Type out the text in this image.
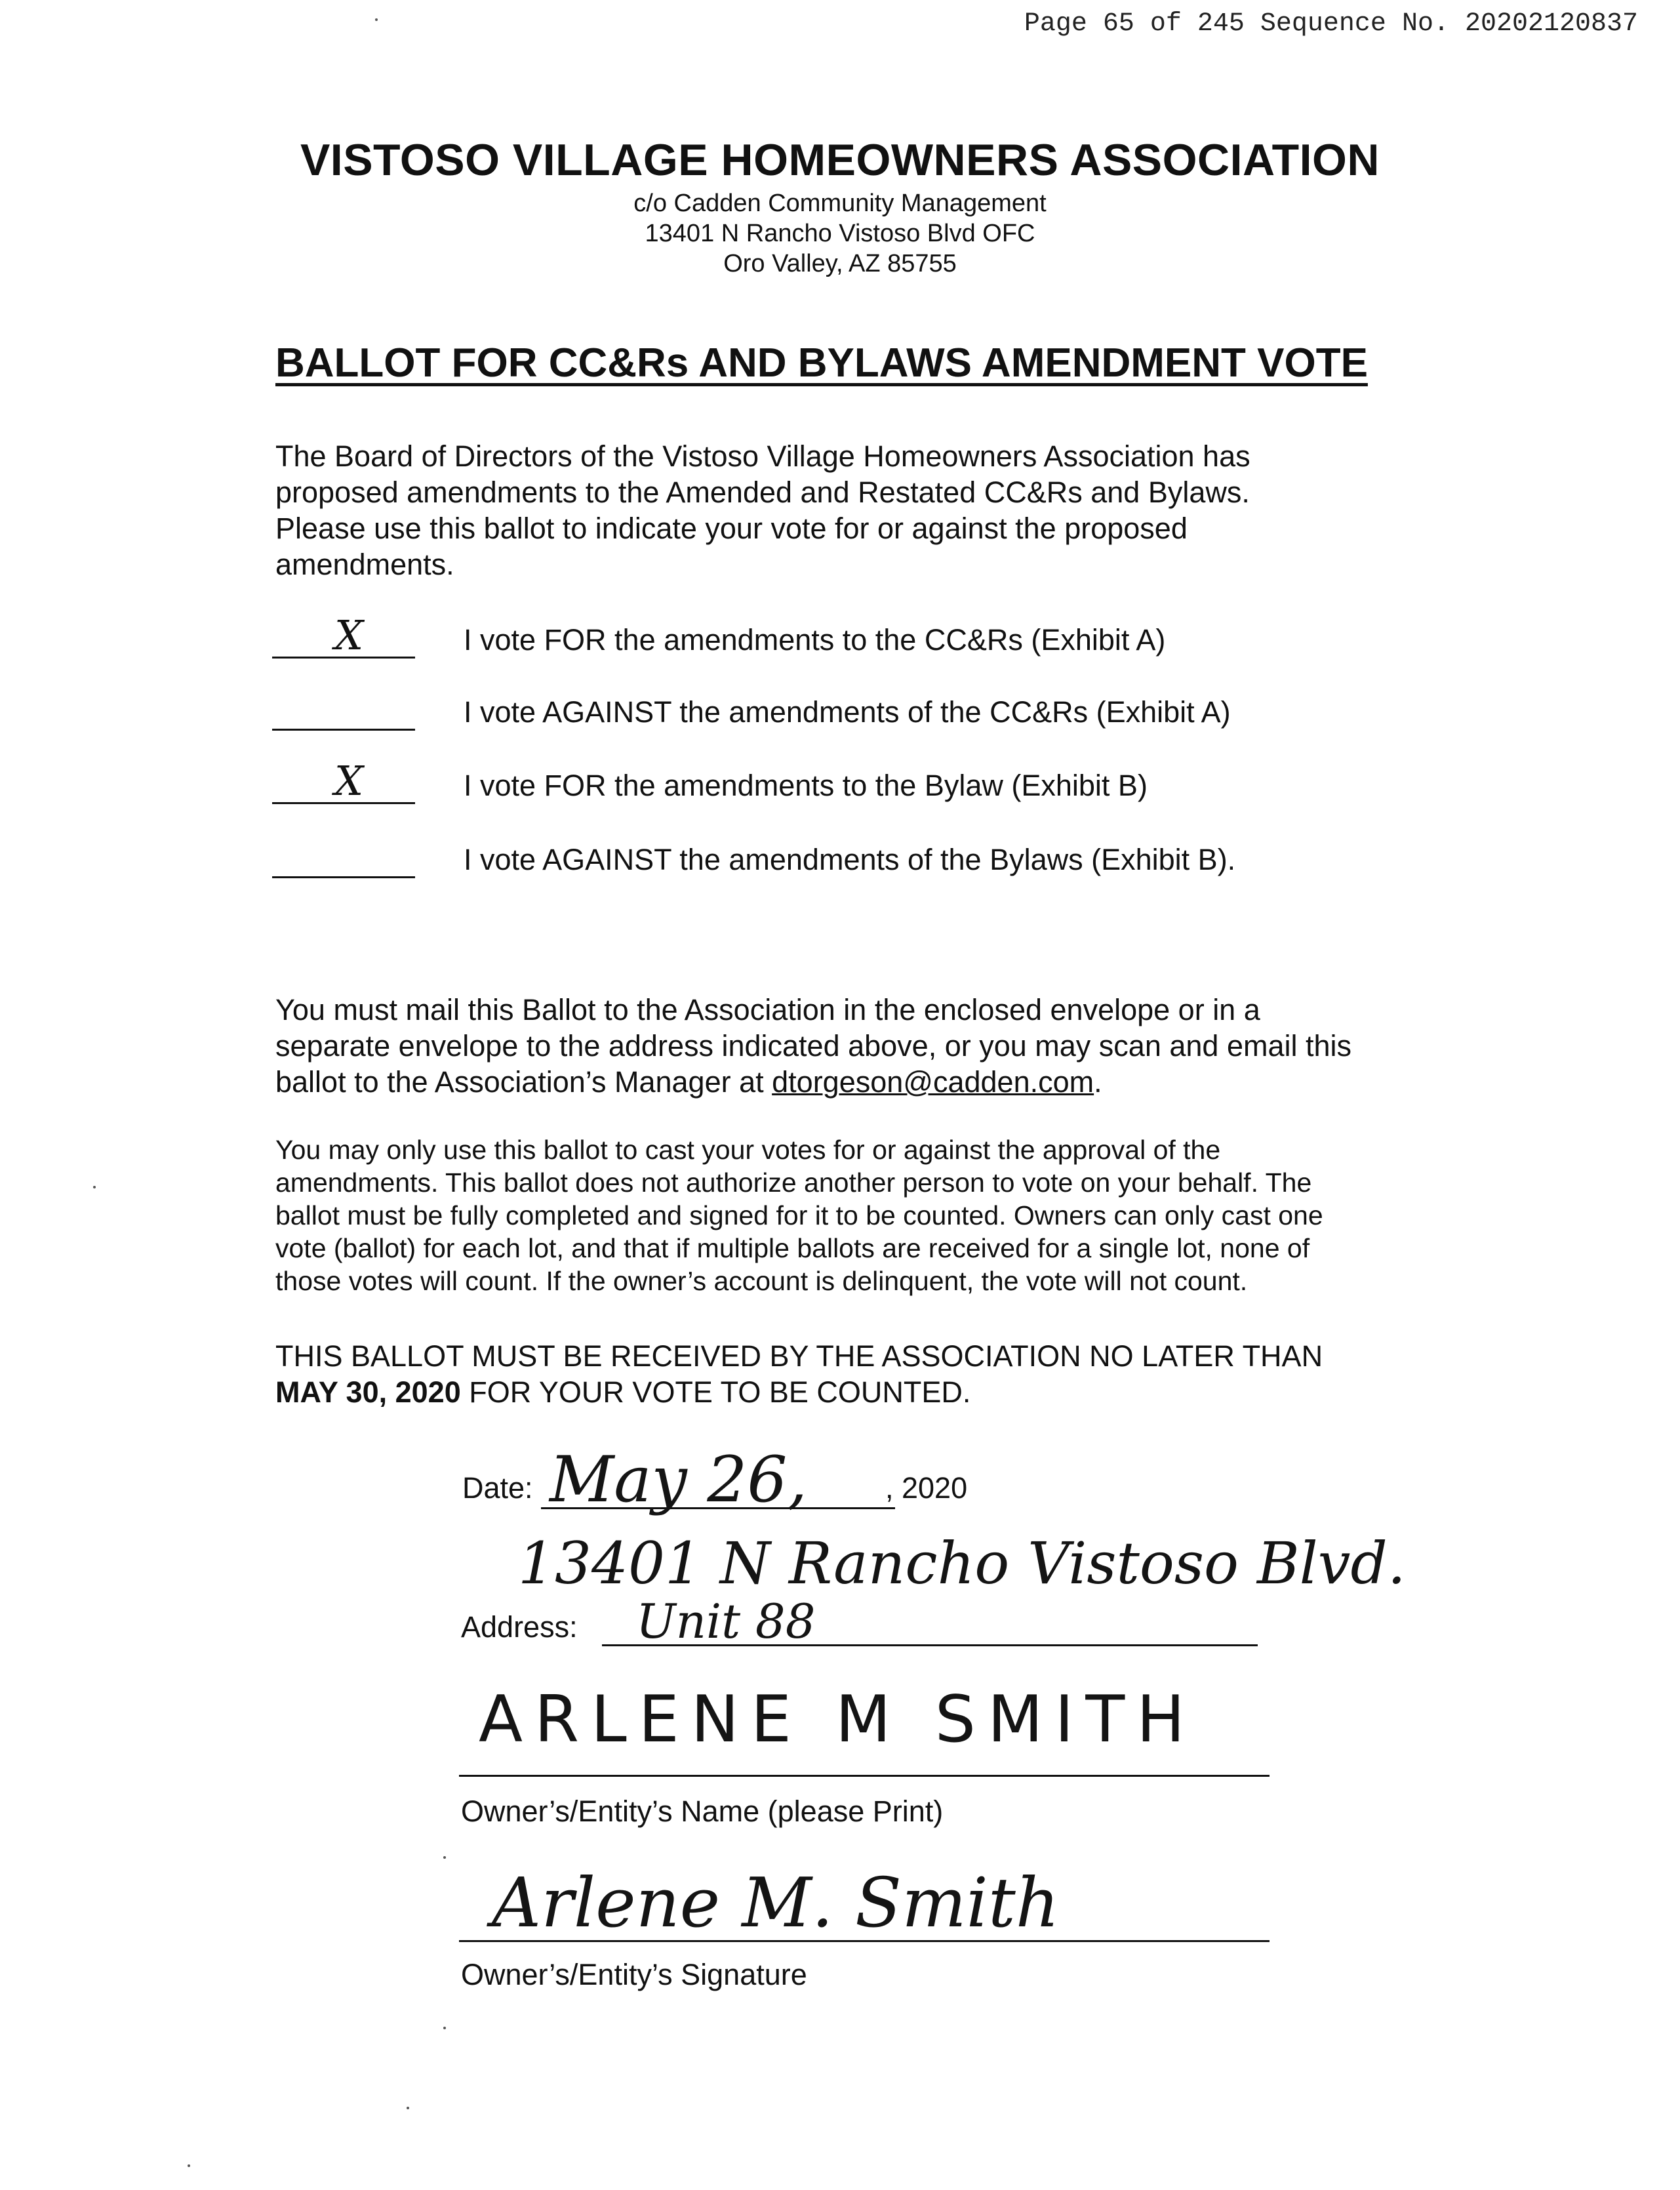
Page 65 of 245 Sequence No. 20202120837
VISTOSO VILLAGE HOMEOWNERS ASSOCIATION
c/o Cadden Community Management
13401 N Rancho Vistoso Blvd OFC
Oro Valley, AZ 85755
BALLOT FOR CC&Rs AND BYLAWS AMENDMENT VOTE
The Board of Directors of the Vistoso Village Homeowners Association has
proposed amendments to the Amended and Restated CC&Rs and Bylaws.
Please use this ballot to indicate your vote for or against the proposed
amendments.
X	I vote FOR the amendments to the CC&Rs (Exhibit A)
I vote AGAINST the amendments of the CC&Rs (Exhibit A)
X	I vote FOR the amendments to the Bylaw (Exhibit B)
I vote AGAINST the amendments of the Bylaws (Exhibit B).
You must mail this Ballot to the Association in the enclosed envelope or in a
separate envelope to the address indicated above, or you may scan and email this
ballot to the Association’s Manager at dtorgeson@cadden.com.
You may only use this ballot to cast your votes for or against the approval of the
amendments. This ballot does not authorize another person to vote on your behalf. The
ballot must be fully completed and signed for it to be counted. Owners can only cast one
vote (ballot) for each lot, and that if multiple ballots are received for a single lot, none of
those votes will count. If the owner’s account is delinquent, the vote will not count.
THIS BALLOT MUST BE RECEIVED BY THE ASSOCIATION NO LATER THAN
MAY 30, 2020 FOR YOUR VOTE TO BE COUNTED.
Date: May 26,	, 2020
13401 N Rancho Vistoso Blvd.
Address: Unit 88
ARLENE M SMITH
Owner’s/Entity’s Name (please Print)
Arlene M. Smith
Owner’s/Entity’s Signature
